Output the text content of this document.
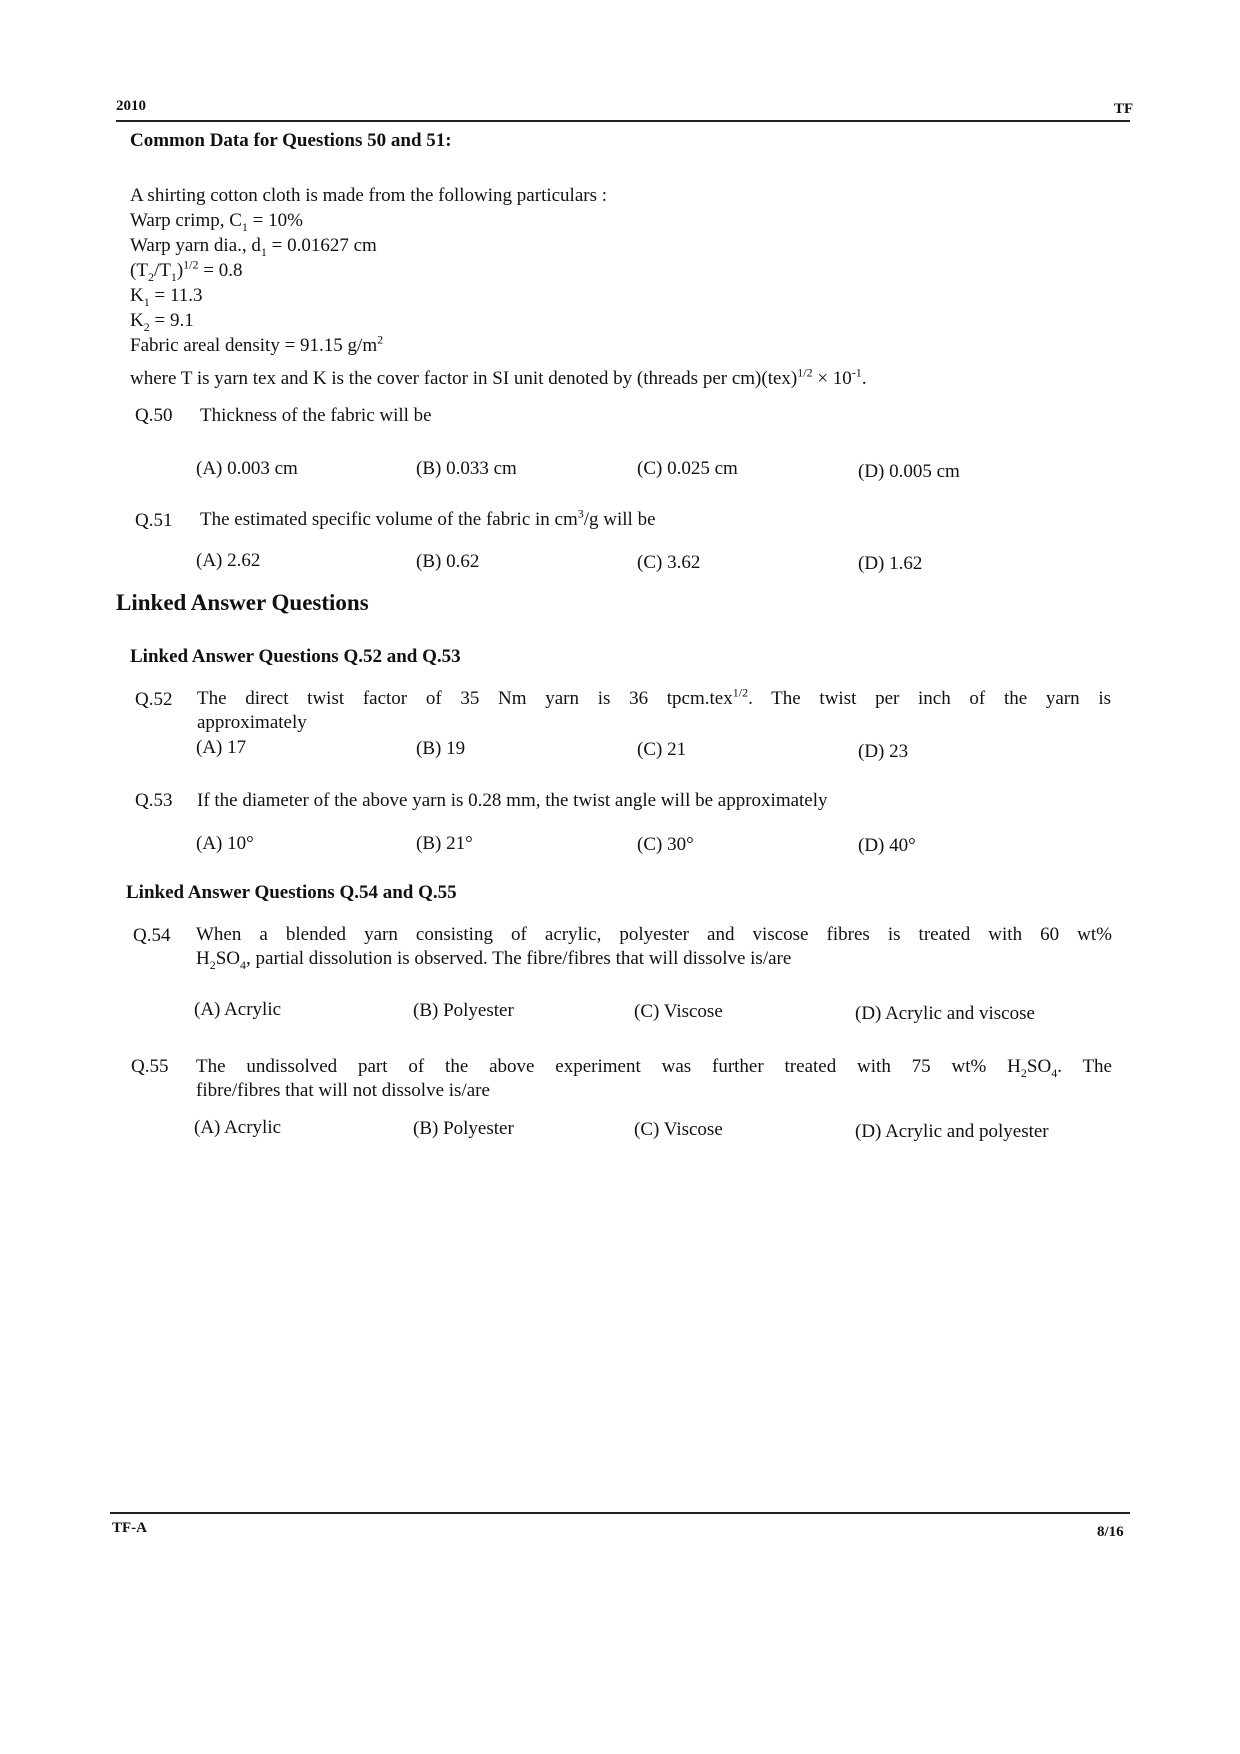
2010	TF
Common Data for Questions 50 and 51:
A shirting cotton cloth is made from the following particulars :
Warp crimp, $C_1 = 10\%$
Warp yarn dia., $d_1 = 0.01627$ cm
$(T_2/T_1)^{1/2} = 0.8$
$K_1 = 11.3$
$K_2 = 9.1$
Fabric areal density = 91.15 $g/m^2$
where T is yarn tex and K is the cover factor in SI unit denoted by (threads per $cm)(tex)^{1/2} \times 10^{-1}$.
Q.50 Thickness of the fabric will be
(A) 0.003 cm	(B) 0.033 cm	(C) 0.025 cm	(D) 0.005 cm
Q.51 The estimated specific volume of the fabric in $cm^3/g$ will be
(A) 2.62	(B) 0.62	(C) 3.62	(D) 1.62
Linked Answer Questions
Linked Answer Questions Q.52 and Q.53
Q.52 The direct twist factor of 35 Nm yarn is 36 tpcm.tex$^{1/2}$. The twist per inch of the yarn is
approximately
(A) 17	(B) 19	(C) 21	(D) 23
Q.53 If the diameter of the above yarn is 0.28 mm, the twist angle will be approximately
(A) 10°	(B) 21°	(C) 30°	(D) 40°
Linked Answer Questions Q.54 and Q.55
Q.54 When a blended yarn consisting of acrylic, polyester and viscose fibres is treated with 60 wt%
$H_2SO_4$, partial dissolution is observed. The fibre/fibres that will dissolve is/are
(A) Acrylic	(B) Polyester	(C) Viscose	(D) Acrylic and viscose
Q.55 The undissolved part of the above experiment was further treated with 75 wt% $H_2SO_4$. The
fibre/fibres that will not dissolve is/are
(A) Acrylic	(B) Polyester	(C) Viscose	(D) Acrylic and polyester
TF-A	8/16
